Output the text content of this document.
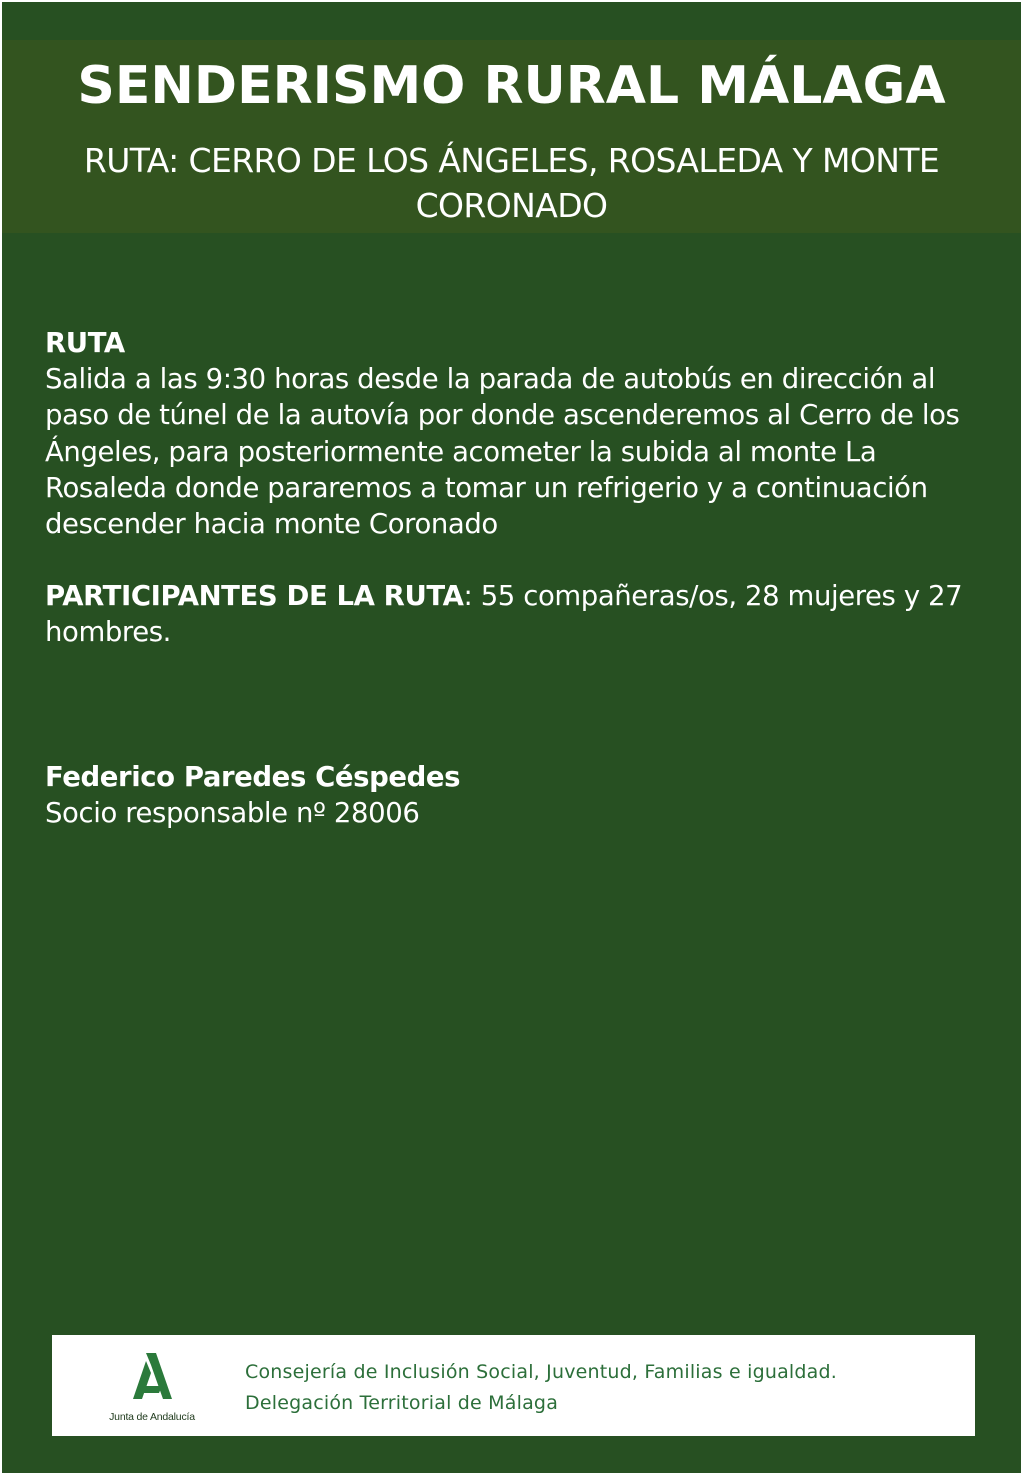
SENDERISMO RURAL MÁLAGA
RUTA: CERRO DE LOS ÁNGELES, ROSALEDA Y MONTE CORONADO

RUTA

Salida a las 9:30 horas desde la parada de autobús en dirección al paso de túnel de la autovía por donde ascenderemos al Cerro de los Ángeles, para posteriormente acometer la subida al monte La Rosaleda donde pararemos a tomar un refrigerio y a continuación descender hacia monte Coronado

PARTICIPANTES DE LA RUTA: 55 compañeras/os, 28 mujeres y 27 hombres.

Federico Paredes Céspedes

Socio responsable nº 28006

Junta de Andalucía
Consejería de Inclusión Social, Juventud, Familias e igualdad.
Delegación Territorial de Málaga
